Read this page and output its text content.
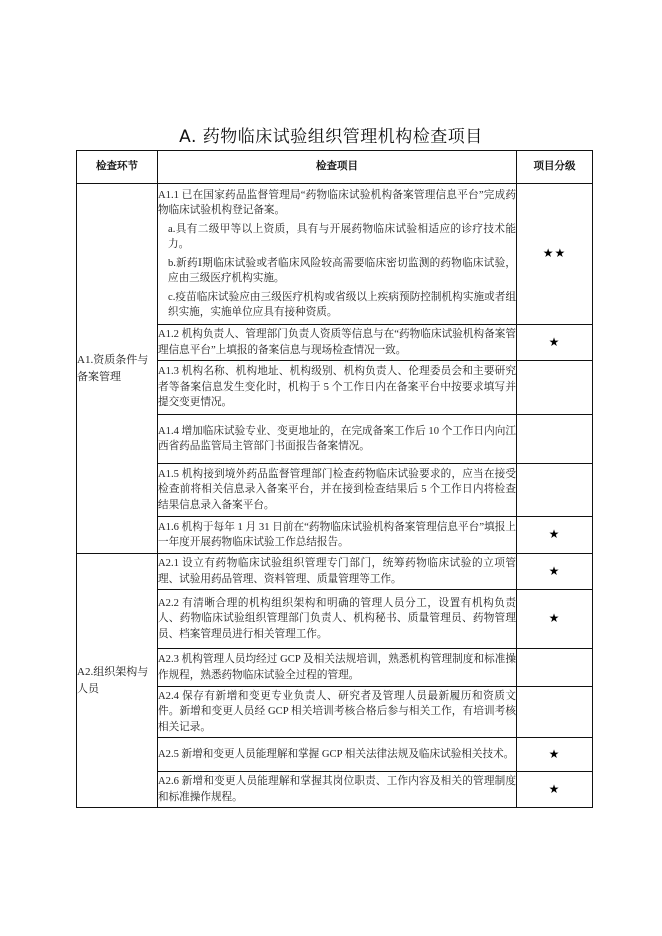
A. 药物临床试验组织管理机构检查项目
检查环节	检查项目	项目分级
A1.资质条件与备案管理	A1.1 已在国家药品监督管理局“药物临床试验机构备案管理信息平台”完成药物临床试验机构登记备案。
a.具有二级甲等以上资质，具有与开展药物临床试验相适应的诊疗技术能力。
b.新药Ⅰ期临床试验或者临床风险较高需要临床密切监测的药物临床试验，应由三级医疗机构实施。
c.疫苗临床试验应由三级医疗机构或省级以上疾病预防控制机构实施或者组织实施，实施单位应具有接种资质。	★★
	A1.2 机构负责人、管理部门负责人资质等信息与在“药物临床试验机构备案管理信息平台”上填报的备案信息与现场检查情况一致。	★
	A1.3 机构名称、机构地址、机构级别、机构负责人、伦理委员会和主要研究者等备案信息发生变化时，机构于 5 个工作日内在备案平台中按要求填写并提交变更情况。	
	A1.4 增加临床试验专业、变更地址的，在完成备案工作后 10 个工作日内向江西省药品监管局主管部门书面报告备案情况。	
	A1.5 机构接到境外药品监督管理部门检查药物临床试验要求的，应当在接受检查前将相关信息录入备案平台，并在接到检查结果后 5 个工作日内将检查结果信息录入备案平台。	
	A1.6 机构于每年 1 月 31 日前在“药物临床试验机构备案管理信息平台”填报上一年度开展药物临床试验工作总结报告。	★
A2.组织架构与人员	A2.1 设立有药物临床试验组织管理专门部门，统筹药物临床试验的立项管理、试验用药品管理、资料管理、质量管理等工作。	★
	A2.2 有清晰合理的机构组织架构和明确的管理人员分工，设置有机构负责人、药物临床试验组织管理部门负责人、机构秘书、质量管理员、药物管理员、档案管理员进行相关管理工作。	★
	A2.3 机构管理人员均经过 GCP 及相关法规培训，熟悉机构管理制度和标准操作规程，熟悉药物临床试验全过程的管理。	
	A2.4 保存有新增和变更专业负责人、研究者及管理人员最新履历和资质文件。新增和变更人员经 GCP 相关培训考核合格后参与相关工作，有培训考核相关记录。	
	A2.5 新增和变更人员能理解和掌握 GCP 相关法律法规及临床试验相关技术。	★
	A2.6 新增和变更人员能理解和掌握其岗位职责、工作内容及相关的管理制度和标准操作规程。	★
